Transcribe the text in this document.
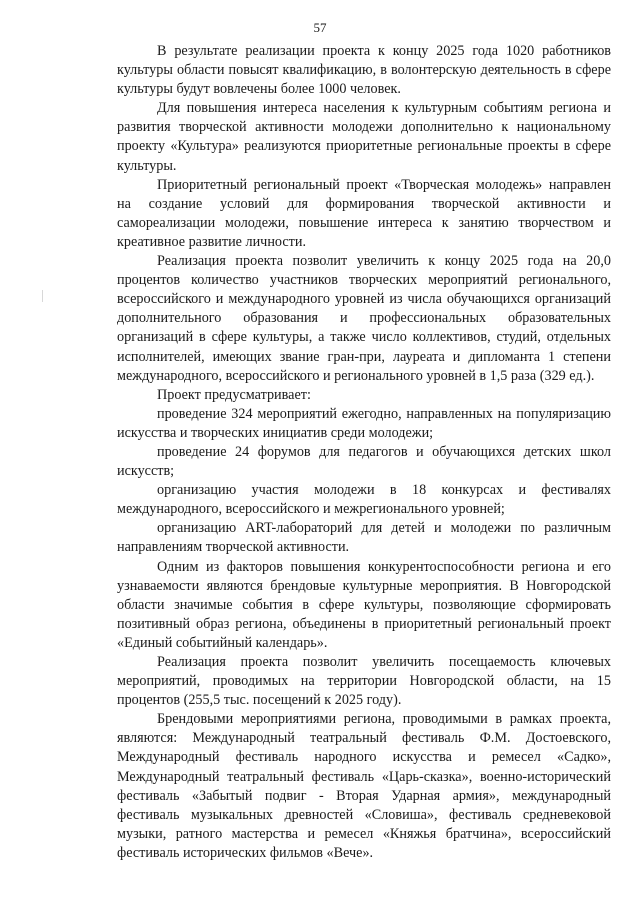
57

В результате реализации проекта к концу 2025 года 1020 работников культуры области повысят квалификацию, в волонтерскую деятельность в сфере культуры будут вовлечены более 1000 человек.

Для повышения интереса населения к культурным событиям региона и развития творческой активности молодежи дополнительно к национальному проекту «Культура» реализуются приоритетные региональные проекты в сфере культуры.

Приоритетный региональный проект «Творческая молодежь» направлен на создание условий для формирования творческой активности и самореализации молодежи, повышение интереса к занятию творчеством и креативное развитие личности.

Реализация проекта позволит увеличить к концу 2025 года на 20,0 процентов количество участников творческих мероприятий регионального, всероссийского и международного уровней из числа обучающихся организаций дополнительного образования и профессиональных образовательных организаций в сфере культуры, а также число коллективов, студий, отдельных исполнителей, имеющих звание гран-при, лауреата и дипломанта 1 степени международного, всероссийского и регионального уровней в 1,5 раза (329 ед.).

Проект предусматривает:

проведение 324 мероприятий ежегодно, направленных на популяризацию искусства и творческих инициатив среди молодежи;

проведение 24 форумов для педагогов и обучающихся детских школ искусств;

организацию участия молодежи в 18 конкурсах и фестивалях международного, всероссийского и межрегионального уровней;

организацию ART-лабораторий для детей и молодежи по различным направлениям творческой активности.

Одним из факторов повышения конкурентоспособности региона и его узнаваемости являются брендовые культурные мероприятия. В Новгородской области значимые события в сфере культуры, позволяющие сформировать позитивный образ региона, объединены в приоритетный региональный проект «Единый событийный календарь».

Реализация проекта позволит увеличить посещаемость ключевых мероприятий, проводимых на территории Новгородской области, на 15 процентов (255,5 тыс. посещений к 2025 году).

Брендовыми мероприятиями региона, проводимыми в рамках проекта, являются: Международный театральный фестиваль Ф.М. Достоевского, Международный фестиваль народного искусства и ремесел «Садко», Международный театральный фестиваль «Царь-сказка», военно-исторический фестиваль «Забытый подвиг - Вторая Ударная армия», международный фестиваль музыкальных древностей «Словиша», фестиваль средневековой музыки, ратного мастерства и ремесел «Княжья братчина», всероссийский фестиваль исторических фильмов «Вече».
